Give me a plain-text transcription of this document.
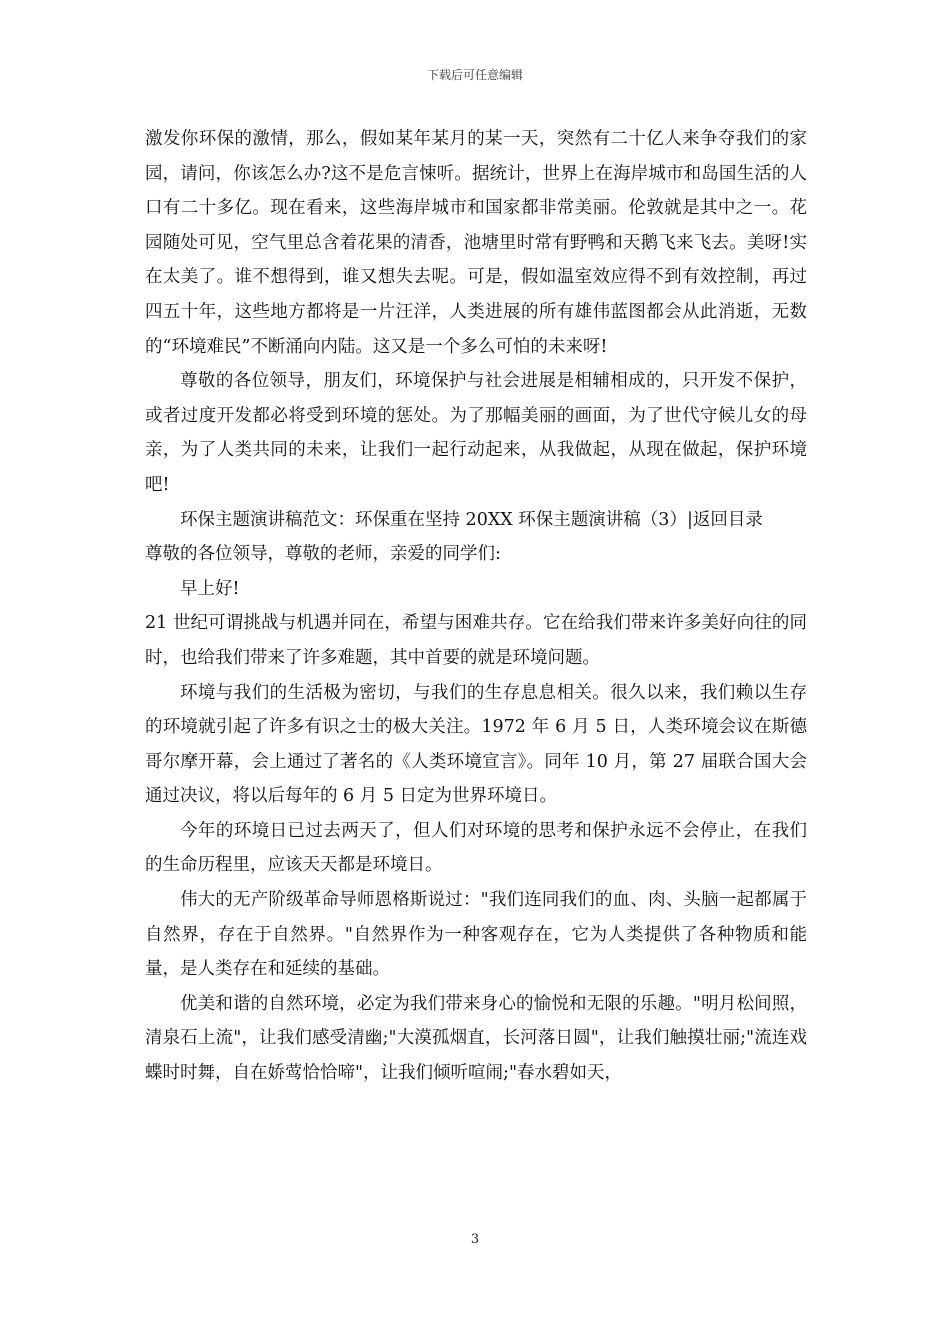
下载后可任意编辑

激发你环保的激情，那么，假如某年某月的某一天，突然有二十亿人来争夺我们的家园，请问，你该怎么办?这不是危言悚听。据统计，世界上在海岸城市和岛国生活的人口有二十多亿。现在看来，这些海岸城市和国家都非常美丽。伦敦就是其中之一。花园随处可见，空气里总含着花果的清香，池塘里时常有野鸭和天鹅飞来飞去。美呀!实在太美了。谁不想得到，谁又想失去呢。可是，假如温室效应得不到有效控制，再过四五十年，这些地方都将是一片汪洋，人类进展的所有雄伟蓝图都会从此消逝，无数的“环境难民”不断涌向内陆。这又是一个多么可怕的未来呀!

尊敬的各位领导，朋友们，环境保护与社会进展是相辅相成的，只开发不保护，或者过度开发都必将受到环境的惩处。为了那幅美丽的画面，为了世代守候儿女的母亲，为了人类共同的未来，让我们一起行动起来，从我做起，从现在做起，保护环境吧!

环保主题演讲稿范文：环保重在坚持 20XX 环保主题演讲稿（3）|返回目录

尊敬的各位领导，尊敬的老师，亲爱的同学们:

早上好!

21 世纪可谓挑战与机遇并同在，希望与困难共存。它在给我们带来许多美好向往的同时，也给我们带来了许多难题，其中首要的就是环境问题。

环境与我们的生活极为密切，与我们的生存息息相关。很久以来，我们赖以生存的环境就引起了许多有识之士的极大关注。1972 年 6 月 5 日，人类环境会议在斯德哥尔摩开幕，会上通过了著名的《人类环境宣言》。同年 10 月，第 27 届联合国大会通过决议，将以后每年的 6 月 5 日定为世界环境日。

今年的环境日已过去两天了，但人们对环境的思考和保护永远不会停止，在我们的生命历程里，应该天天都是环境日。

伟大的无产阶级革命导师恩格斯说过："我们连同我们的血、肉、头脑一起都属于自然界，存在于自然界。"自然界作为一种客观存在，它为人类提供了各种物质和能量，是人类存在和延续的基础。

优美和谐的自然环境，必定为我们带来身心的愉悦和无限的乐趣。"明月松间照，清泉石上流"，让我们感受清幽;"大漠孤烟直，长河落日圆"，让我们触摸壮丽;"流连戏蝶时时舞，自在娇莺恰恰啼"，让我们倾听喧闹;"春水碧如天，

3
